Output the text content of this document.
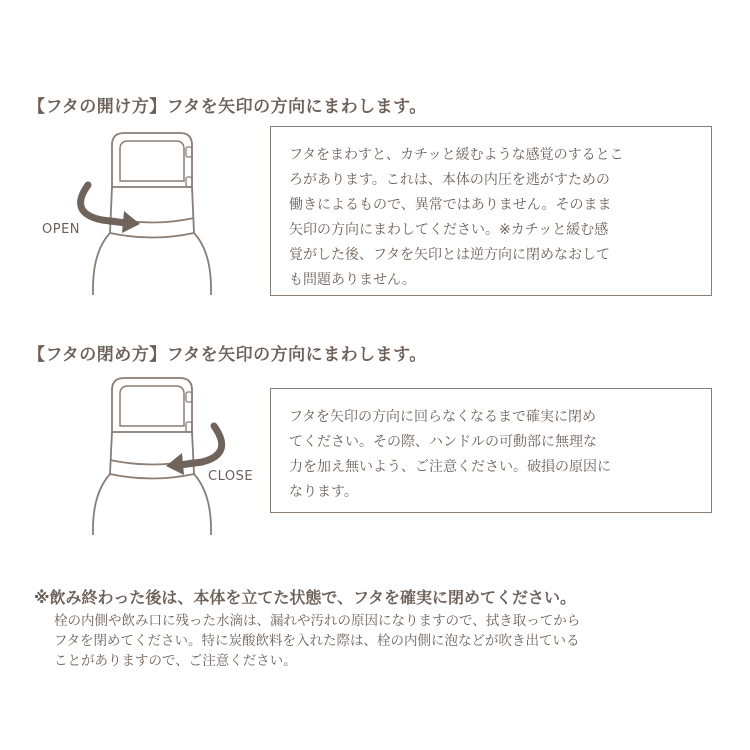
【フタの開け方】フタを矢印の方向にまわします。
OPEN

フタをまわすと、カチッと緩むような感覚のするとこ

ろがあります。これは、本体の内圧を逃がすための

働きによるもので、異常ではありません。そのまま

矢印の方向にまわしてください。※カチッと緩む感

覚がした後、フタを矢印とは逆方向に閉めなおして

も問題ありません。

【フタの閉め方】フタを矢印の方向にまわします。
CLOSE

フタを矢印の方向に回らなくなるまで確実に閉め

てください。その際、ハンドルの可動部に無理な

力を加え無いよう、ご注意ください。破損の原因に

なります。

※飲み終わった後は、本体を立てた状態で、フタを確実に閉めてください。

栓の内側や飲み口に残った水滴は、漏れや汚れの原因になりますので、拭き取ってから

フタを閉めてください。特に炭酸飲料を入れた際は、栓の内側に泡などが吹き出ている

ことがありますので、ご注意ください。
